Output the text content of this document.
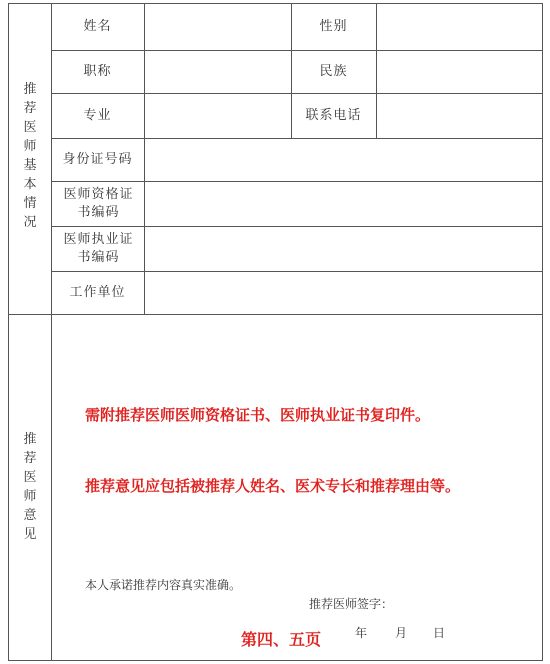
推
荐
医
师
基
本
情
况
姓名	性别
职称	民族
专业	联系电话
身份证号码
医师资格证书编码
医师执业证书编码
工作单位
推
荐
医
师
意
见
需附推荐医师医师资格证书、医师执业证书复印件。
推荐意见应包括被推荐人姓名、医术专长和推荐理由等。
本人承诺推荐内容真实准确。
推荐医师签字：
第四、五页	年 月 日
